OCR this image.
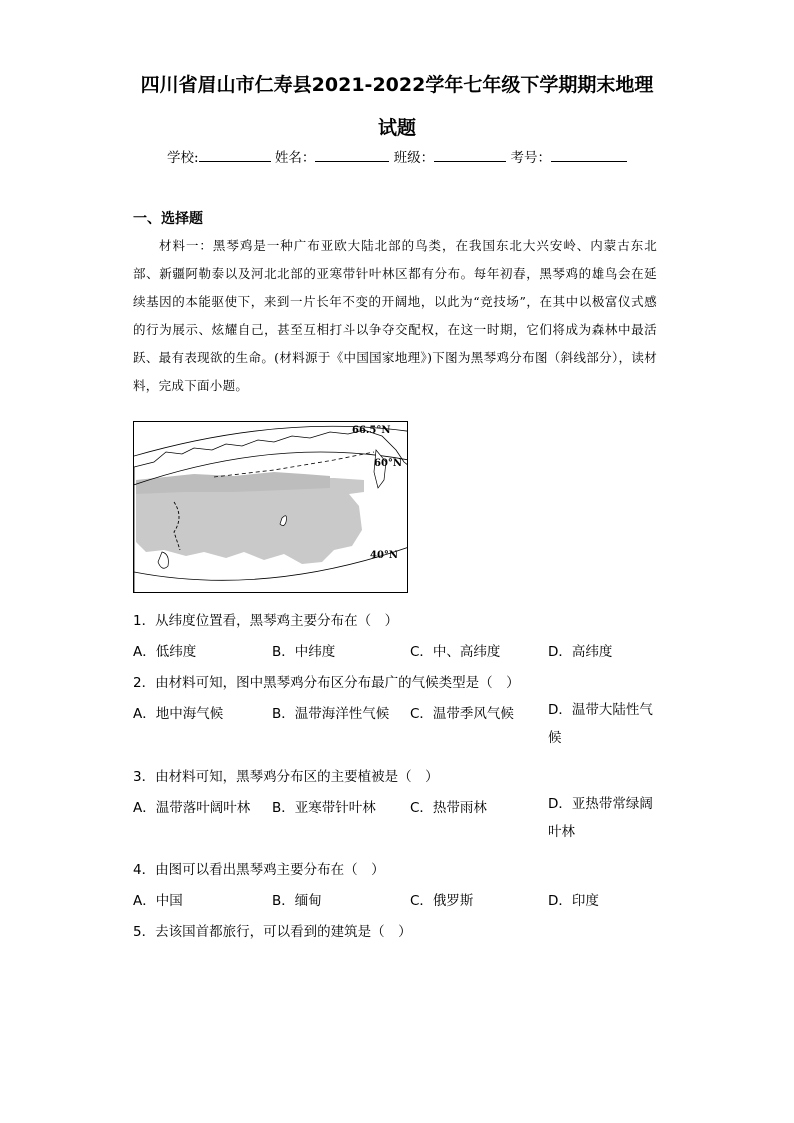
四川省眉山市仁寿县2021-2022学年七年级下学期期末地理
试题
学校:	姓名：	班级：	考号：
一、选择题

材料一：黑琴鸡是一种广布亚欧大陆北部的鸟类，在我国东北大兴安岭、内蒙古东北部、新疆阿勒泰以及河北北部的亚寒带针叶林区都有分布。每年初春，黑琴鸡的雄鸟会在延续基因的本能驱使下，来到一片长年不变的开阔地，以此为“竞技场”，在其中以极富仪式感的行为展示、炫耀自己，甚至互相打斗以争夺交配权，在这一时期，它们将成为森林中最活跃、最有表现欲的生命。(材料源于《中国国家地理》)下图为黑琴鸡分布图（斜线部分），读材料，完成下面小题。

66.5°N
60°N
40°N
1．从纬度位置看，黑琴鸡主要分布在（　）
A．低纬度	B．中纬度	C．中、高纬度	D．高纬度
2．由材料可知，图中黑琴鸡分布区分布最广的气候类型是（　）
A．地中海气候	B．温带海洋性气候 C．温带季风气候	D．温带大陆性气候
3．由材料可知，黑琴鸡分布区的主要植被是（　）
A．温带落叶阔叶林 B．亚寒带针叶林	C．热带雨林	D．亚热带常绿阔叶林
4．由图可以看出黑琴鸡主要分布在（　）
A．中国	B．缅甸	C．俄罗斯	D．印度
5．去该国首都旅行，可以看到的建筑是（　）
